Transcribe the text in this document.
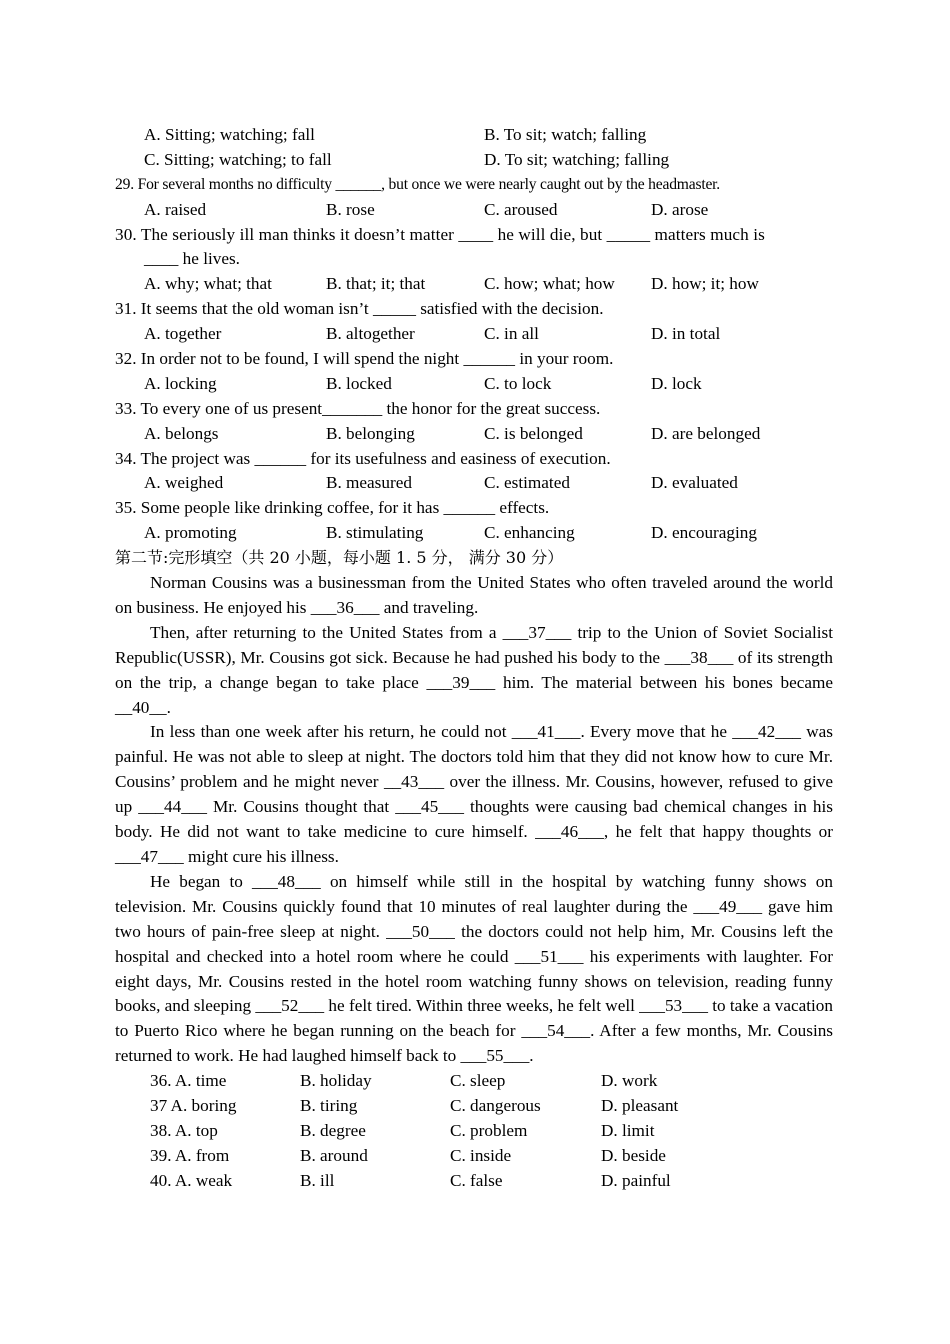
A. Sitting; watching; fall	B. To sit; watch; falling
C. Sitting; watching; to fall	D. To sit; watching; falling
29. For several months no difficulty ______, but once we were nearly caught out by the headmaster.
A. raised	B. rose	C. aroused	D. arose
30. The seriously ill man thinks it doesn’t matter ____ he will die, but _____ matters much is
____ he lives.
A. why; what; that	B. that; it; that	C. how; what; how D. how; it; how
31. It seems that the old woman isn’t _____ satisfied with the decision.
A. together	B. altogether	C. in all	D. in total
32. In order not to be found, I will spend the night ______ in your room.
A. locking	B. locked	C. to lock	D. lock
33. To every one of us present_______ the honor for the great success.
A. belongs	B. belonging	C. is belonged	D. are belonged
34. The project was ______ for its usefulness and easiness of execution.
A. weighed	B. measured	C. estimated	D. evaluated
35. Some people like drinking coffee, for it has ______ effects.
A. promoting	B. stimulating	C. enhancing	D. encouraging
第二节:完形填空（共 20 小题，每小题 1. 5 分， 满分 30 分）

Norman Cousins was a businessman from the United States who often traveled around the world on business. He enjoyed his ___36___ and traveling.

Then, after returning to the United States from a ___37___ trip to the Union of Soviet Socialist Republic(USSR), Mr. Cousins got sick. Because he had pushed his body to the ___38___ of its strength on the trip, a change began to take place ___39___ him. The material between his bones became __40__.

In less than one week after his return, he could not ___41___. Every move that he ___42___ was painful. He was not able to sleep at night. The doctors told him that they did not know how to cure Mr. Cousins’ problem and he might never __43___ over the illness. Mr. Cousins, however, refused to give up ___44___ Mr. Cousins thought that ___45___ thoughts were causing bad chemical changes in his body. He did not want to take medicine to cure himself. ___46___, he felt that happy thoughts or ___47___ might cure his illness.

He began to ___48___ on himself while still in the hospital by watching funny shows on television. Mr. Cousins quickly found that 10 minutes of real laughter during the ___49___ gave him two hours of pain-free sleep at night. ___50___ the doctors could not help him, Mr. Cousins left the hospital and checked into a hotel room where he could ___51___ his experiments with laughter. For eight days, Mr. Cousins rested in the hotel room watching funny shows on television, reading funny books, and sleeping ___52___ he felt tired. Within three weeks, he felt well ___53___ to take a vacation to Puerto Rico where he began running on the beach for ___54___. After a few months, Mr. Cousins returned to work. He had laughed himself back to ___55___.

36. A. time	B. holiday	C. sleep	D. work
37 A. boring	B. tiring	C. dangerous	D. pleasant
38. A. top	B. degree	C. problem	D. limit
39. A. from	B. around	C. inside	D. beside
40. A. weak	B. ill	C. false	D. painful
